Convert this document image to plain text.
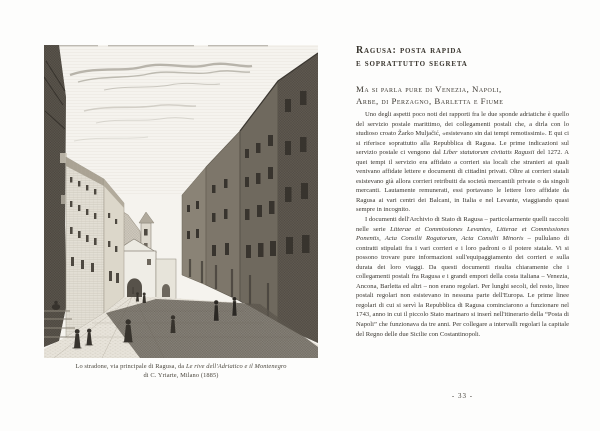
Lo stradone, via principale di Ragusa, da Le rive dell'Adriatico e il Montenegro
di C. Yriarte, Milano (1885)
Ragusa: posta rapida
e soprattutto segreta
Ma si parla pure di Venezia, Napoli,
Arbe, di Perzagno, Barletta e Fiume

Uno degli aspetti poco noti dei rapporti fra le due sponde adriatiche è quello del servizio postale marittimo, dei collegamenti postali che, a dirla con lo studioso croato Žarko Muljačić, «esistevano sin dai tempi remotissimi». E qui ci si riferisce soprattutto alla Repubblica di Ragusa. Le prime indicazioni sul servizio postale ci vengono dal Liber statutorum civitatis Ragusii del 1272. A quei tempi il servizio era affidato a corrieri sia locali che stranieri ai quali venivano affidate lettere e documenti di cittadini privati. Oltre ai corrieri statali esistevano già allora corrieri retribuiti da società mercantili private o da singoli mercanti. Lautamente remunerati, essi portavano le lettere loro affidate da Ragusa ai vari centri dei Balcani, in Italia e nel Levante, viaggiando quasi sempre in incognito.

I documenti dell'Archivio di Stato di Ragusa – particolarmente quelli raccolti nelle serie Litterae et Commissiones Levantes, Litterae et Commissiones Ponentis, Acta Consilii Rogatorum, Acta Consilii Minoris – pullulano di contratti stipulati fra i vari corrieri e i loro padroni o il potere statale. Vi si possono trovare pure informazioni sull'equipaggiamento dei corrieri e sulla durata dei loro viaggi. Da questi documenti risulta chiaramente che i collegamenti postali fra Ragusa e i grandi empori della costa italiana – Venezia, Ancona, Barletta ed altri – non erano regolari. Per lunghi secoli, del resto, linee postali regolari non esistevano in nessuna parte dell'Europa. Le prime linee regolari di cui si servì la Repubblica di Ragusa cominciarono a funzionare nel 1743, anno in cui il piccolo Stato marinaro si inserì nell'itinerario della “Posta di Napoli” che funzionava da tre anni. Per collegare a intervalli regolari la capitale del Regno delle due Sicilie con Costantinopoli.

- 33 -
